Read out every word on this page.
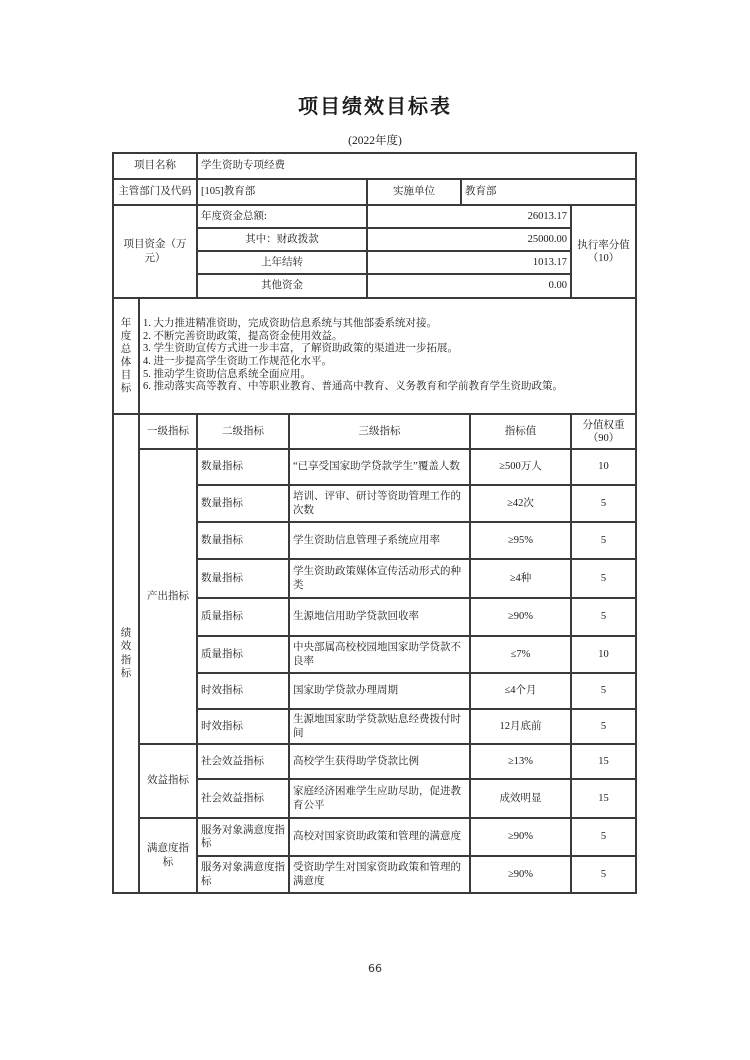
项目绩效目标表
(2022年度)
项目名称		学生资助专项经费					
主管部门及代码		[105]教育部		实施单位	教育部		
项目资金（万元）		年度资金总额:		26013.17			执行率分值
（10）

		其中：财政拨款		25000.00			
		上年结转		1013.17			
		其他资金		0.00			
年度总体目标	
1. 大力推进精准资助，完成资助信息系统与其他部委系统对接。
2. 不断完善资助政策，提高资金使用效益。
3. 学生资助宣传方式进一步丰富，了解资助政策的渠道进一步拓展。
4. 进一步提高学生资助工作规范化水平。
5. 推动学生资助信息系统全面应用。
6. 推动落实高等教育、中等职业教育、普通高中教育、义务教育和学前教育学生资助政策。

绩效指标	一级指标	二级指标	三级指标			指标值	分值权重
（90）

	产出指标	数量指标	“已享受国家助学贷款学生”覆盖人数			≥500万人	10
		数量指标	培训、评审、研讨等资助管理工作的次数			≥42次	5
		数量指标	学生资助信息管理子系统应用率			≥95%	5
		数量指标	学生资助政策媒体宣传活动形式的种类			≥4种	5
		质量指标	生源地信用助学贷款回收率			≥90%	5
		质量指标	中央部属高校校园地国家助学贷款不良率			≤7%	10
		时效指标	国家助学贷款办理周期			≤4个月	5
		时效指标	生源地国家助学贷款贴息经费拨付时间			12月底前	5
	效益指标	社会效益指标	高校学生获得助学贷款比例			≥13%	15
		社会效益指标	家庭经济困难学生应助尽助，促进教育公平			成效明显	15
	满意度指标	服务对象满意度指标	高校对国家资助政策和管理的满意度			≥90%	5
		服务对象满意度指标	受资助学生对国家资助政策和管理的满意度			≥90%	5
66
